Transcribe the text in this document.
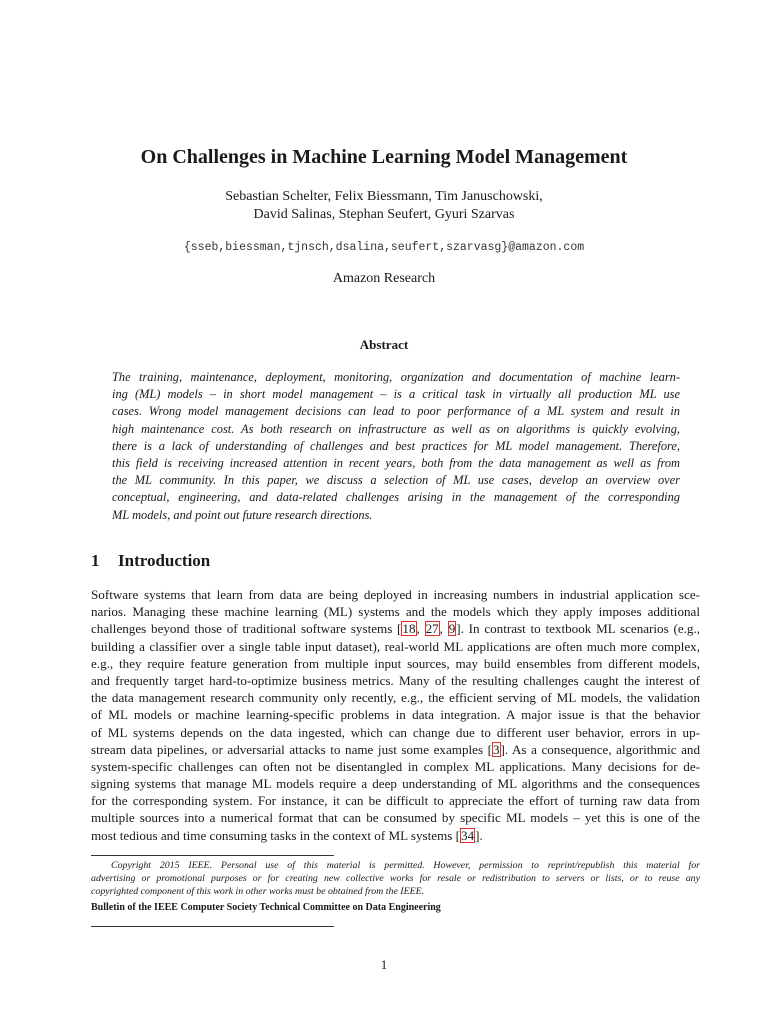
On Challenges in Machine Learning Model Management
Sebastian Schelter, Felix Biessmann, Tim Januschowski,
David Salinas, Stephan Seufert, Gyuri Szarvas
{sseb,biessman,tjnsch,dsalina,seufert,szarvasg}@amazon.com
Amazon Research
Abstract
The training, maintenance, deployment, monitoring, organization and documentation of machine learn-
ing (ML) models – in short model management – is a critical task in virtually all production ML use
cases. Wrong model management decisions can lead to poor performance of a ML system and result in
high maintenance cost. As both research on infrastructure as well as on algorithms is quickly evolving,
there is a lack of understanding of challenges and best practices for ML model management. Therefore,
this field is receiving increased attention in recent years, both from the data management as well as from
the ML community. In this paper, we discuss a selection of ML use cases, develop an overview over
conceptual, engineering, and data-related challenges arising in the management of the corresponding
ML models, and point out future research directions.
1 Introduction
Software systems that learn from data are being deployed in increasing numbers in industrial application sce-
narios. Managing these machine learning (ML) systems and the models which they apply imposes additional
challenges beyond those of traditional software systems [18, 27, 9]. In contrast to textbook ML scenarios (e.g.,
building a classifier over a single table input dataset), real-world ML applications are often much more complex,
e.g., they require feature generation from multiple input sources, may build ensembles from different models,
and frequently target hard-to-optimize business metrics. Many of the resulting challenges caught the interest of
the data management research community only recently, e.g., the efficient serving of ML models, the validation
of ML models or machine learning-specific problems in data integration. A major issue is that the behavior
of ML systems depends on the data ingested, which can change due to different user behavior, errors in up-
stream data pipelines, or adversarial attacks to name just some examples [3]. As a consequence, algorithmic and
system-specific challenges can often not be disentangled in complex ML applications. Many decisions for de-
signing systems that manage ML models require a deep understanding of ML algorithms and the consequences
for the corresponding system. For instance, it can be difficult to appreciate the effort of turning raw data from
multiple sources into a numerical format that can be consumed by specific ML models – yet this is one of the
most tedious and time consuming tasks in the context of ML systems [34].
Copyright 2015 IEEE. Personal use of this material is permitted. However, permission to reprint/republish this material for
advertising or promotional purposes or for creating new collective works for resale or redistribution to servers or lists, or to reuse any
copyrighted component of this work in other works must be obtained from the IEEE.
Bulletin of the IEEE Computer Society Technical Committee on Data Engineering
1
